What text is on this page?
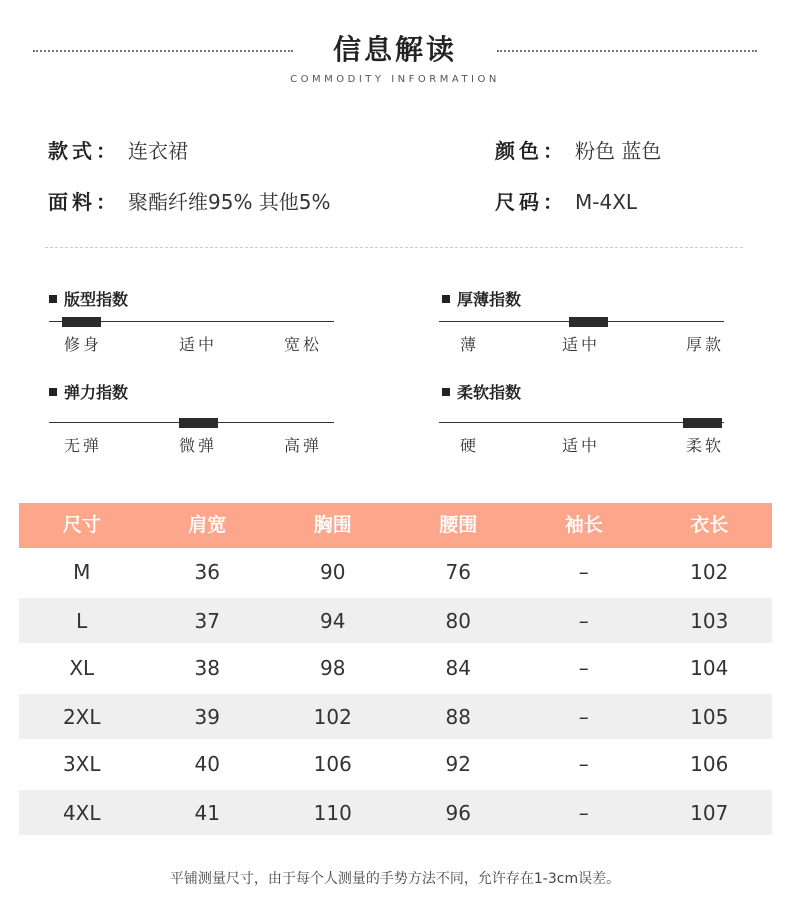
信息解读
COMMODITY INFORMATION
款式： 连衣裙	颜色： 粉色 蓝色
面料： 聚酯纤维95% 其他5%	尺码： M-4XL
版型指数
修身	适中	宽松
厚薄指数
薄	适中	厚款
弹力指数
无弹	微弹	高弹
柔软指数
硬	适中	柔软
尺寸	肩宽	胸围	腰围	袖长	衣长
M	36	90	76	–	102
L	37	94	80	–	103
XL	38	98	84	–	104
2XL	39	102	88	–	105
3XL	40	106	92	–	106
4XL	41	110	96	–	107
平铺测量尺寸，由于每个人测量的手势方法不同，允许存在1-3cm误差。
